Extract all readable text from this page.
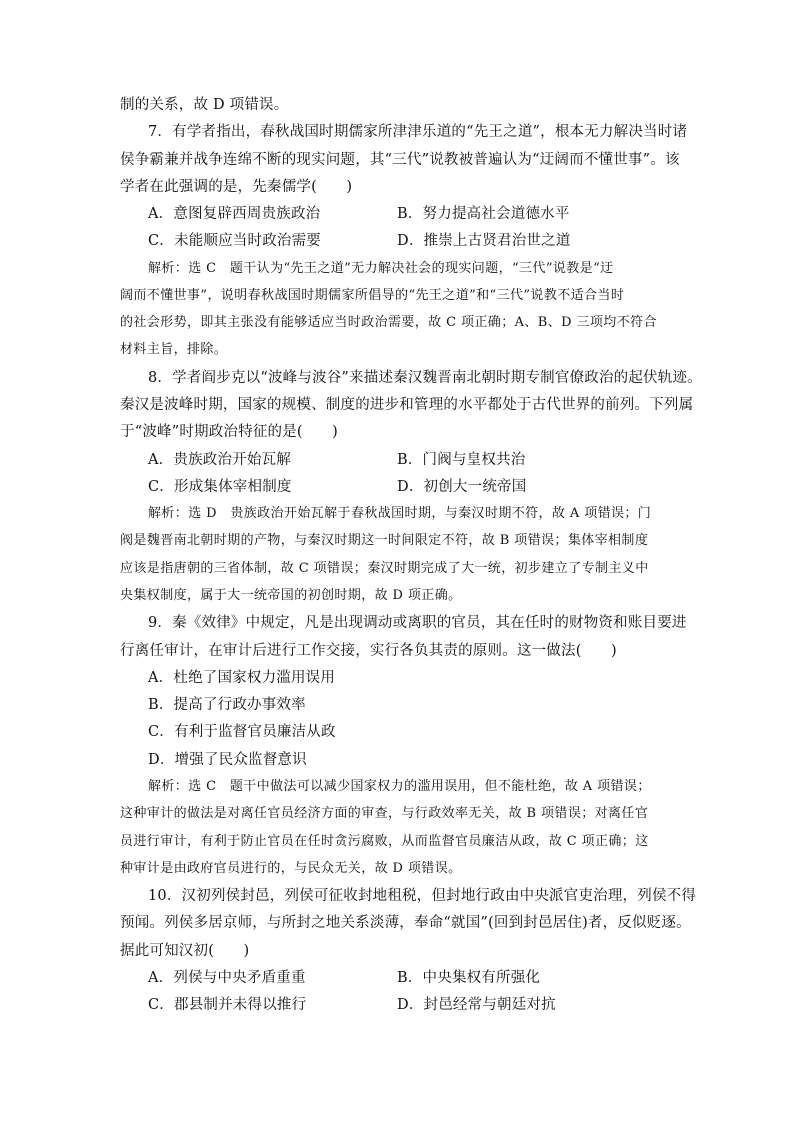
制的关系，故 D 项错误。
7．有学者指出，春秋战国时期儒家所津津乐道的“先王之道”，根本无力解决当时诸
侯争霸兼并战争连绵不断的现实问题，其“三代”说教被普遍认为“迂阔而不懂世事”。该
学者在此强调的是，先秦儒学(　　)
A．意图复辟西周贵族政治	B．努力提高社会道德水平
C．未能顺应当时政治需要	D．推崇上古贤君治世之道
解析：选 C　题干认为“先王之道”无力解决社会的现实问题，“三代”说教是“迂
阔而不懂世事”，说明春秋战国时期儒家所倡导的“先王之道”和“三代”说教不适合当时
的社会形势，即其主张没有能够适应当时政治需要，故 C 项正确；A、B、D 三项均不符合
材料主旨，排除。
8．学者阎步克以“波峰与波谷”来描述秦汉魏晋南北朝时期专制官僚政治的起伏轨迹。
秦汉是波峰时期，国家的规模、制度的进步和管理的水平都处于古代世界的前列。下列属
于“波峰”时期政治特征的是(　　)
A．贵族政治开始瓦解	B．门阀与皇权共治
C．形成集体宰相制度	D．初创大一统帝国
解析：选 D　贵族政治开始瓦解于春秋战国时期，与秦汉时期不符，故 A 项错误；门
阀是魏晋南北朝时期的产物，与秦汉时期这一时间限定不符，故 B 项错误；集体宰相制度
应该是指唐朝的三省体制，故 C 项错误；秦汉时期完成了大一统，初步建立了专制主义中
央集权制度，属于大一统帝国的初创时期，故 D 项正确。
9．秦《效律》中规定，凡是出现调动或离职的官员，其在任时的财物资和账目要进
行离任审计，在审计后进行工作交接，实行各负其责的原则。这一做法(　　)
A．杜绝了国家权力滥用误用
B．提高了行政办事效率
C．有利于监督官员廉洁从政
D．增强了民众监督意识
解析：选 C　题干中做法可以减少国家权力的滥用误用，但不能杜绝，故 A 项错误；
这种审计的做法是对离任官员经济方面的审查，与行政效率无关，故 B 项错误；对离任官
员进行审计，有利于防止官员在任时贪污腐败，从而监督官员廉洁从政，故 C 项正确；这
种审计是由政府官员进行的，与民众无关，故 D 项错误。
10．汉初列侯封邑，列侯可征收封地租税，但封地行政由中央派官吏治理，列侯不得
预闻。列侯多居京师，与所封之地关系淡薄，奉命“就国”(回到封邑居住)者，反似贬逐。
据此可知汉初(　　)
A．列侯与中央矛盾重重	B．中央集权有所强化
C．郡县制并未得以推行	D．封邑经常与朝廷对抗
